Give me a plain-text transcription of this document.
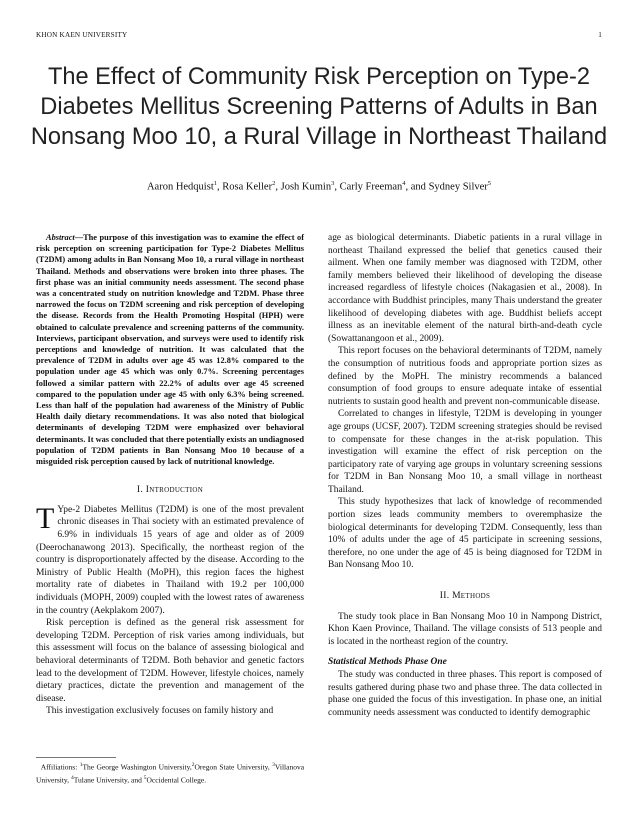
KHON KAEN UNIVERSITY	1
The Effect of Community Risk Perception on Type-2 Diabetes Mellitus Screening Patterns of Adults in Ban Nonsang Moo 10, a Rural Village in Northeast Thailand
Aaron Hedquist$^1$, Rosa Keller$^2$, Josh Kumin$^3$, Carly Freeman$^4$, and Sydney Silver$^5$

Abstract—The purpose of this investigation was to examine the effect of risk perception on screening participation for Type-2 Diabetes Mellitus (T2DM) among adults in Ban Nonsang Moo 10, a rural village in northeast Thailand. Methods and observations were broken into three phases. The first phase was an initial community needs assessment. The second phase was a concentrated study on nutrition knowledge and T2DM. Phase three narrowed the focus on T2DM screening and risk perception of developing the disease. Records from the Health Promoting Hospital (HPH) were obtained to calculate prevalence and screening patterns of the community. Interviews, participant observation, and surveys were used to identify risk perceptions and knowledge of nutrition. It was calculated that the prevalence of T2DM in adults over age 45 was 12.8% compared to the population under age 45 which was only 0.7%. Screening percentages followed a similar pattern with 22.2% of adults over age 45 screened compared to the population under age 45 with only 6.3% being screened. Less than half of the population had awareness of the Ministry of Public Health daily dietary recommendations. It was also noted that biological determinants of developing T2DM were emphasized over behavioral determinants. It was concluded that there potentially exists an undiagnosed population of T2DM patients in Ban Nonsang Moo 10 because of a misguided risk perception caused by lack of nutritional knowledge.

I. Introduction

T Ype-2 Diabetes Mellitus (T2DM) is one of the most prevalent chronic diseases in Thai society with an estimated prevalence of 6.9% in individuals 15 years of age and older as of 2009 (Deerochanawong 2013). Specifically, the northeast region of the country is disproportionately affected by the disease. According to the Ministry of Public Health (MoPH), this region faces the highest mortality rate of diabetes in Thailand with 19.2 per 100,000 individuals (MOPH, 2009) coupled with the lowest rates of awareness in the country (Aekplakom 2007).

Risk perception is defined as the general risk assessment for developing T2DM. Perception of risk varies among individuals, but this assessment will focus on the balance of assessing biological and behavioral determinants of T2DM. Both behavior and genetic factors lead to the development of T2DM. However, lifestyle choices, namely dietary practices, dictate the prevention and management of the disease.

This investigation exclusively focuses on family history and

Affiliations: $^1$The George Washington University,$^2$Oregon State University, $^3$Villanova University, $^4$Tulane University, and $^5$Occidental College.

age as biological determinants. Diabetic patients in a rural village in northeast Thailand expressed the belief that genetics caused their ailment. When one family member was diagnosed with T2DM, other family members believed their likelihood of developing the disease increased regardless of lifestyle choices (Nakagasien et al., 2008). In accordance with Buddhist principles, many Thais understand the greater likelihood of developing diabetes with age. Buddhist beliefs accept illness as an inevitable element of the natural birth-and-death cycle (Sowattanangoon et al., 2009).

This report focuses on the behavioral determinants of T2DM, namely the consumption of nutritious foods and appropriate portion sizes as defined by the MoPH. The ministry recommends a balanced consumption of food groups to ensure adequate intake of essential nutrients to sustain good health and prevent non-communicable disease.

Correlated to changes in lifestyle, T2DM is developing in younger age groups (UCSF, 2007). T2DM screening strategies should be revised to compensate for these changes in the at-risk population. This investigation will examine the effect of risk perception on the participatory rate of varying age groups in voluntary screening sessions for T2DM in Ban Nonsang Moo 10, a small village in northeast Thailand.

This study hypothesizes that lack of knowledge of recommended portion sizes leads community members to overemphasize the biological determinants for developing T2DM. Consequently, less than 10% of adults under the age of 45 participate in screening sessions, therefore, no one under the age of 45 is being diagnosed for T2DM in Ban Nonsang Moo 10.

II. Methods

The study took place in Ban Nonsang Moo 10 in Nampong District, Khon Kaen Province, Thailand. The village consists of 513 people and is located in the northeast region of the country.

Statistical Methods Phase One

The study was conducted in three phases. This report is composed of results gathered during phase two and phase three. The data collected in phase one guided the focus of this investigation. In phase one, an initial community needs assessment was conducted to identify demographic
